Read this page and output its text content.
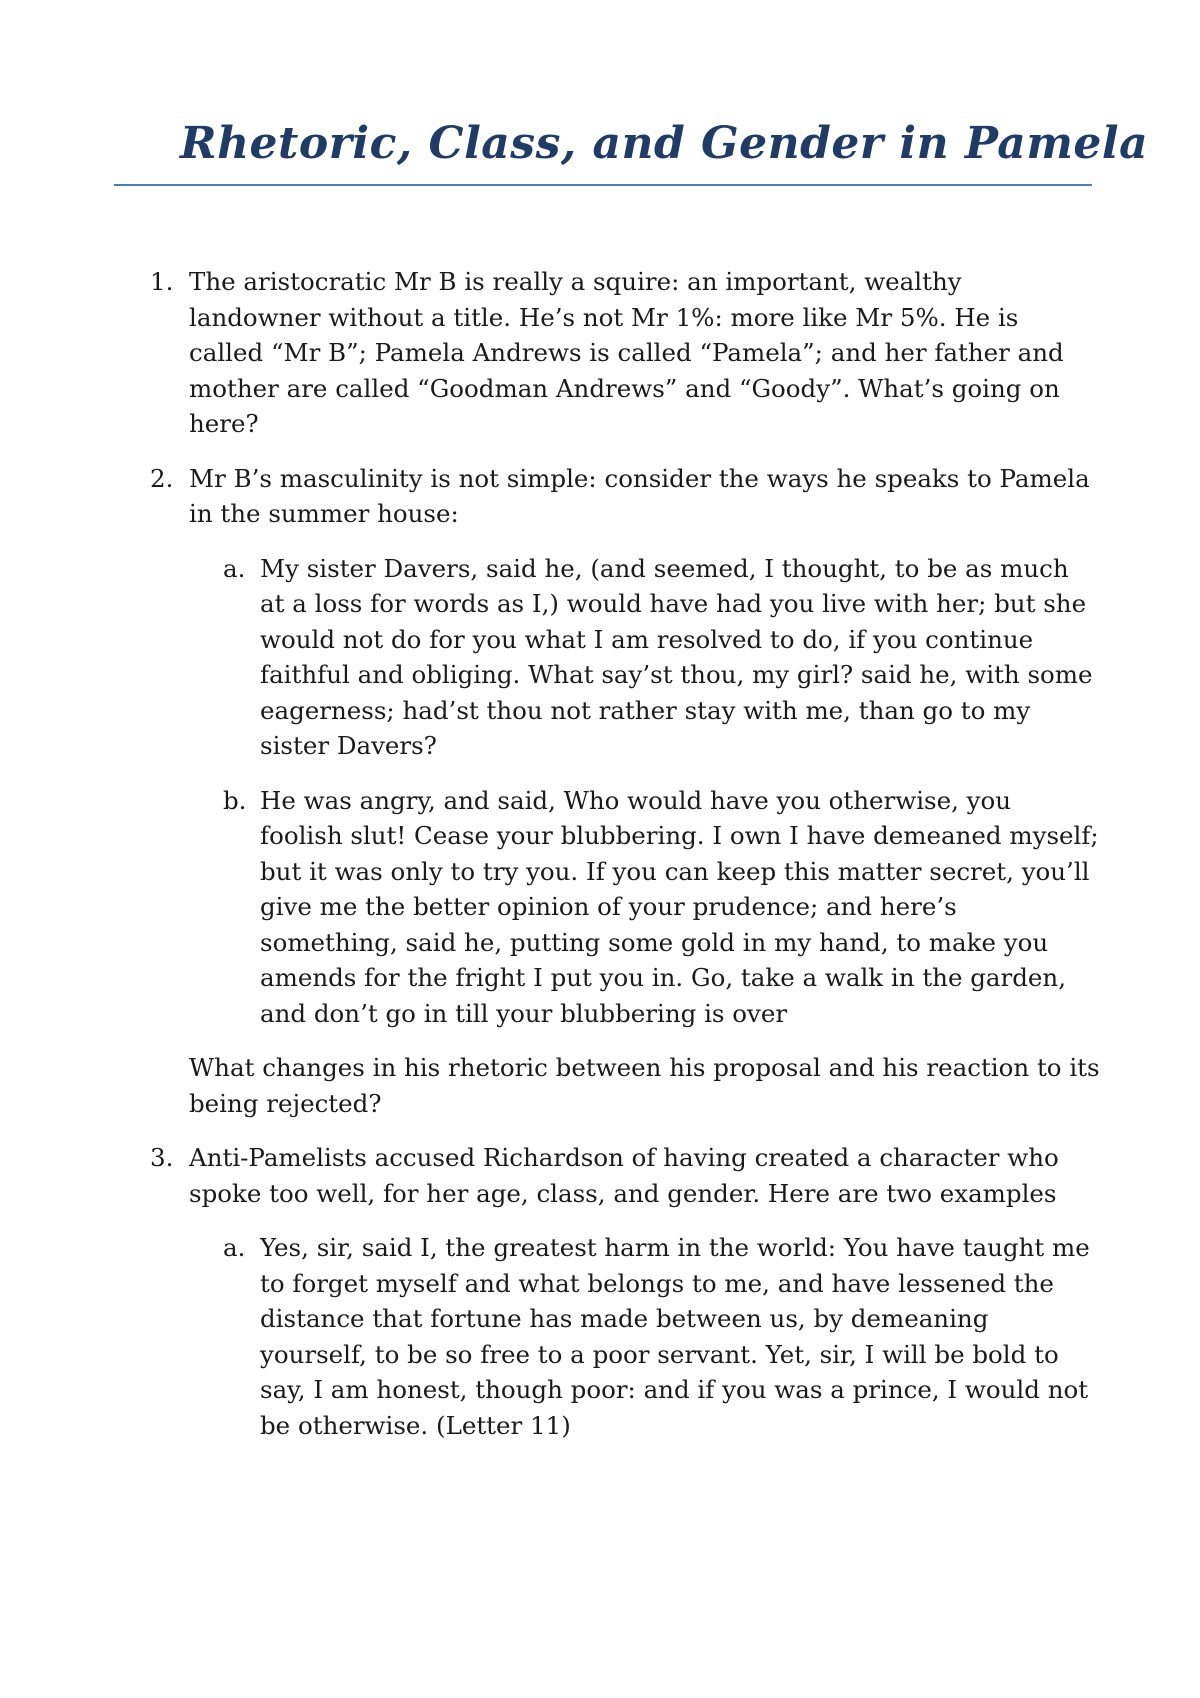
Rhetoric, Class, and Gender in Pamela
1. The aristocratic Mr B is really a squire: an important, wealthy landowner without a title. He’s not Mr 1%: more like Mr 5%. He is called “Mr B”; Pamela Andrews is called “Pamela”; and her father and mother are called “Goodman Andrews” and “Goody”. What’s going on here?
2. Mr B’s masculinity is not simple: consider the ways he speaks to Pamela in the summer house:
a. My sister Davers, said he, (and seemed, I thought, to be as much at a loss for words as I,) would have had you live with her; but she would not do for you what I am resolved to do, if you continue faithful and obliging. What say’st thou, my girl? said he, with some eagerness; had’st thou not rather stay with me, than go to my sister Davers?
b. He was angry, and said, Who would have you otherwise, you foolish slut! Cease your blubbering. I own I have demeaned myself; but it was only to try you. If you can keep this matter secret, you’ll give me the better opinion of your prudence; and here’s something, said he, putting some gold in my hand, to make you amends for the fright I put you in. Go, take a walk in the garden, and don’t go in till your blubbering is over
What changes in his rhetoric between his proposal and his reaction to its being rejected?
3. Anti-Pamelists accused Richardson of having created a character who spoke too well, for her age, class, and gender. Here are two examples
a. Yes, sir, said I, the greatest harm in the world: You have taught me to forget myself and what belongs to me, and have lessened the distance that fortune has made between us, by demeaning yourself, to be so free to a poor servant. Yet, sir, I will be bold to say, I am honest, though poor: and if you was a prince, I would not be otherwise. (Letter 11)
